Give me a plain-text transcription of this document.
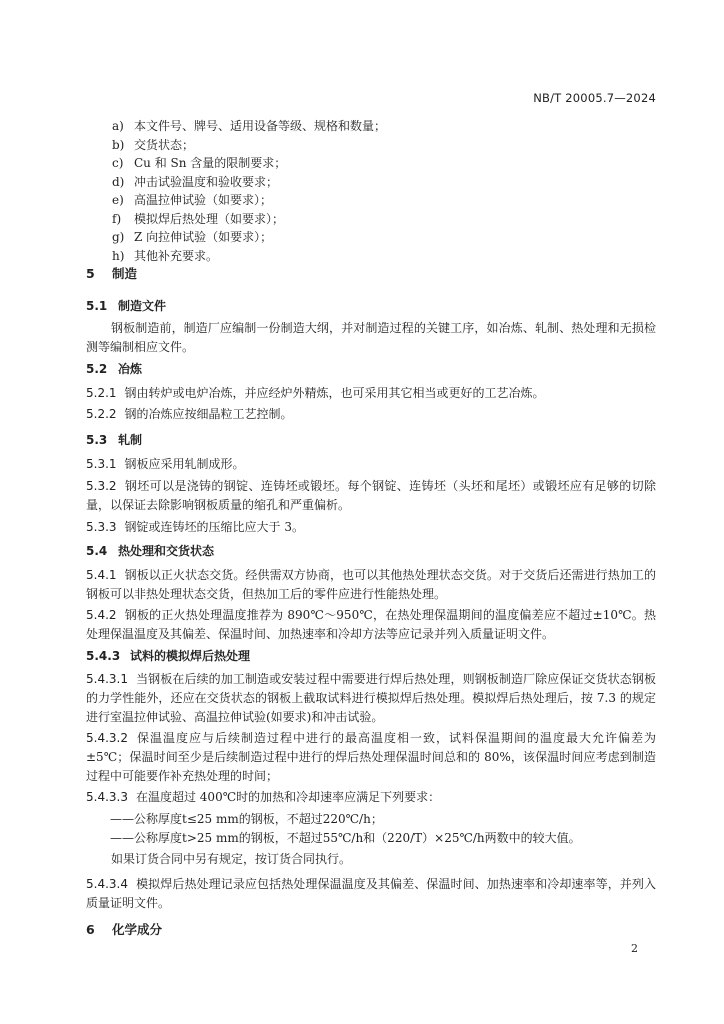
NB/T 20005.7—2024
a) 本文件号、牌号、适用设备等级、规格和数量；
b) 交货状态；
c) Cu 和 Sn 含量的限制要求；
d) 冲击试验温度和验收要求；
e) 高温拉伸试验（如要求）；
f) 模拟焊后热处理（如要求）；
g) Z 向拉伸试验（如要求）；
h) 其他补充要求。
5 制造
5.1 制造文件
钢板制造前，制造厂应编制一份制造大纲，并对制造过程的关键工序，如冶炼、轧制、热处理和无损检测等编制相应文件。
5.2 冶炼
5.2.1 钢由转炉或电炉冶炼，并应经炉外精炼，也可采用其它相当或更好的工艺冶炼。
5.2.2 钢的冶炼应按细晶粒工艺控制。
5.3 轧制
5.3.1 钢板应采用轧制成形。
5.3.2 钢坯可以是浇铸的钢锭、连铸坯或锻坯。每个钢锭、连铸坯（头坯和尾坯）或锻坯应有足够的切除量，以保证去除影响钢板质量的缩孔和严重偏析。
5.3.3 钢锭或连铸坯的压缩比应大于 3。
5.4 热处理和交货状态
5.4.1 钢板以正火状态交货。经供需双方协商，也可以其他热处理状态交货。对于交货后还需进行热加工的钢板可以非热处理状态交货，但热加工后的零件应进行性能热处理。
5.4.2 钢板的正火热处理温度推荐为 890℃～950℃，在热处理保温期间的温度偏差应不超过±10℃。热处理保温温度及其偏差、保温时间、加热速率和冷却方法等应记录并列入质量证明文件。
5.4.3 试料的模拟焊后热处理
5.4.3.1 当钢板在后续的加工制造或安装过程中需要进行焊后热处理，则钢板制造厂除应保证交货状态钢板的力学性能外，还应在交货状态的钢板上截取试料进行模拟焊后热处理。模拟焊后热处理后，按 7.3 的规定进行室温拉伸试验、高温拉伸试验(如要求)和冲击试验。
5.4.3.2 保温温度应与后续制造过程中进行的最高温度相一致，试料保温期间的温度最大允许偏差为±5℃；保温时间至少是后续制造过程中进行的焊后热处理保温时间总和的 80%，该保温时间应考虑到制造过程中可能要作补充热处理的时间；
5.4.3.3 在温度超过 400℃时的加热和冷却速率应满足下列要求：
——公称厚度t≤25 mm的钢板，不超过220℃/h；
——公称厚度t>25 mm的钢板，不超过55℃/h和（220/T）×25℃/h两数中的较大值。
如果订货合同中另有规定，按订货合同执行。
5.4.3.4 模拟焊后热处理记录应包括热处理保温温度及其偏差、保温时间、加热速率和冷却速率等，并列入质量证明文件。
6 化学成分
2
